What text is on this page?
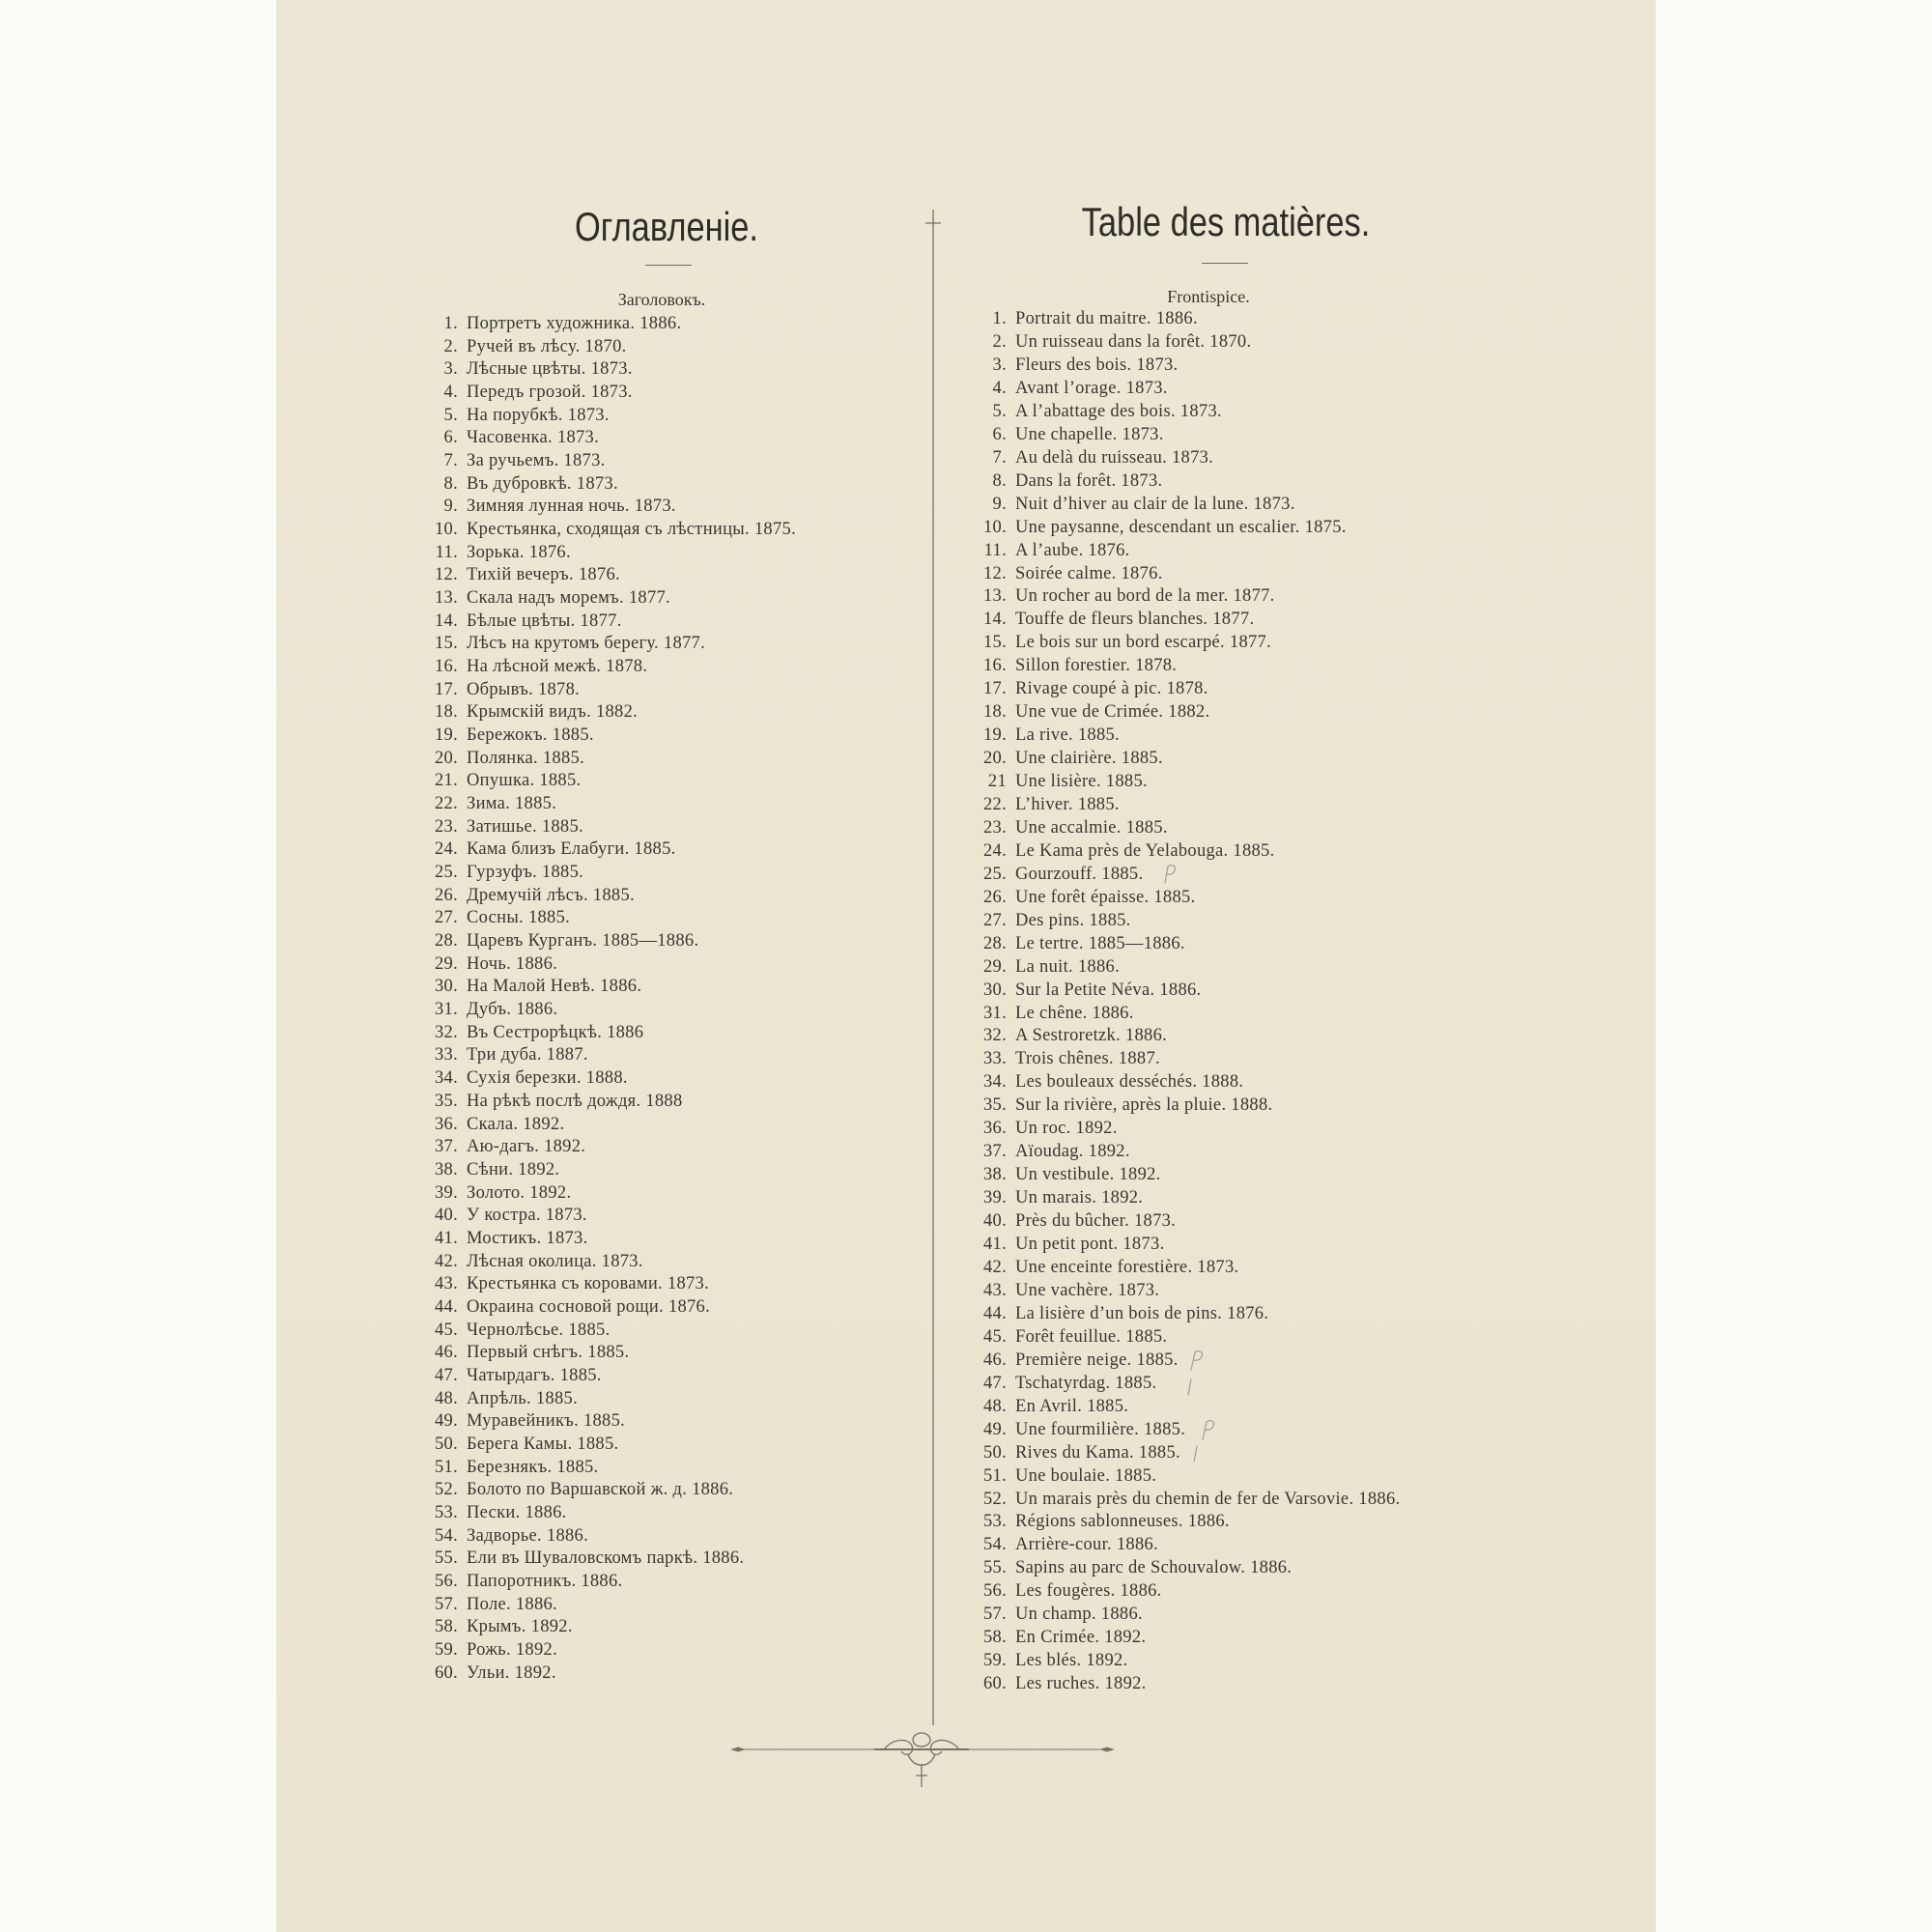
Оглавленіе.	Table des matières.
Заголовокъ.	Frontispice.
1. Портретъ художника. 1886.
2. Ручей въ лѣсу. 1870.
3. Лѣсные цвѣты. 1873.
4. Передъ грозой. 1873.
5. На порубкѣ. 1873.
6. Часовенка. 1873.
7. За ручьемъ. 1873.
8. Въ дубровкѣ. 1873.
9. Зимняя лунная ночь. 1873.
10. Крестьянка, сходящая съ лѣстницы. 1875.
11. Зорька. 1876.
12. Тихій вечеръ. 1876.
13. Скала надъ моремъ. 1877.
14. Бѣлые цвѣты. 1877.
15. Лѣсъ на крутомъ берегу. 1877.
16. На лѣсной межѣ. 1878.
17. Обрывъ. 1878.
18. Крымскій видъ. 1882.
19. Бережокъ. 1885.
20. Полянка. 1885.
21. Опушка. 1885.
22. Зима. 1885.
23. Затишье. 1885.
24. Кама близъ Елабуги. 1885.
25. Гурзуфъ. 1885.
26. Дремучій лѣсъ. 1885.
27. Сосны. 1885.
28. Царевъ Курганъ. 1885—1886.
29. Ночь. 1886.
30. На Малой Невѣ. 1886.
31. Дубъ. 1886.
32. Въ Сестрорѣцкѣ. 1886
33. Три дуба. 1887.
34. Сухія березки. 1888.
35. На рѣкѣ послѣ дождя. 1888
36. Скала. 1892.
37. Аю-дагъ. 1892.
38. Сѣни. 1892.
39. Золото. 1892.
40. У костра. 1873.
41. Мостикъ. 1873.
42. Лѣсная околица. 1873.
43. Крестьянка съ коровами. 1873.
44. Окраина сосновой рощи. 1876.
45. Чернолѣсье. 1885.
46. Первый снѣгъ. 1885.
47. Чатырдагъ. 1885.
48. Апрѣль. 1885.
49. Муравейникъ. 1885.
50. Берега Камы. 1885.
51. Березнякъ. 1885.
52. Болото по Варшавской ж. д. 1886.
53. Пески. 1886.
54. Задворье. 1886.
55. Ели въ Шуваловскомъ паркѣ. 1886.
56. Папоротникъ. 1886.
57. Поле. 1886.
58. Крымъ. 1892.
59. Рожь. 1892.
60. Ульи. 1892.
1. Portrait du maitre. 1886.
2. Un ruisseau dans la forêt. 1870.
3. Fleurs des bois. 1873.
4. Avant l’orage. 1873.
5. A l’abattage des bois. 1873.
6. Une chapelle. 1873.
7. Au delà du ruisseau. 1873.
8. Dans la forêt. 1873.
9. Nuit d’hiver au clair de la lune. 1873.
10. Une paysanne, descendant un escalier. 1875.
11. A l’aube. 1876.
12. Soirée calme. 1876.
13. Un rocher au bord de la mer. 1877.
14. Touffe de fleurs blanches. 1877.
15. Le bois sur un bord escarpé. 1877.
16. Sillon forestier. 1878.
17. Rivage coupé à pic. 1878.
18. Une vue de Crimée. 1882.
19. La rive. 1885.
20. Une clairière. 1885.
21 Une lisière. 1885.
22. L’hiver. 1885.
23. Une accalmie. 1885.
24. Le Kama près de Yelabouga. 1885.
25. Gourzouff. 1885.
26. Une forêt épaisse. 1885.
27. Des pins. 1885.
28. Le tertre. 1885—1886.
29. La nuit. 1886.
30. Sur la Petite Néva. 1886.
31. Le chêne. 1886.
32. A Sestroretzk. 1886.
33. Trois chênes. 1887.
34. Les bouleaux desséchés. 1888.
35. Sur la rivière, après la pluie. 1888.
36. Un roc. 1892.
37. Aïoudag. 1892.
38. Un vestibule. 1892.
39. Un marais. 1892.
40. Près du bûcher. 1873.
41. Un petit pont. 1873.
42. Une enceinte forestière. 1873.
43. Une vachère. 1873.
44. La lisière d’un bois de pins. 1876.
45. Forêt feuillue. 1885.
46. Première neige. 1885.
47. Tschatyrdag. 1885.
48. En Avril. 1885.
49. Une fourmilière. 1885.
50. Rives du Kama. 1885.
51. Une boulaie. 1885.
52. Un marais près du chemin de fer de Varsovie. 1886.
53. Régions sablonneuses. 1886.
54. Arrière-cour. 1886.
55. Sapins au parc de Schouvalow. 1886.
56. Les fougères. 1886.
57. Un champ. 1886.
58. En Crimée. 1892.
59. Les blés. 1892.
60. Les ruches. 1892.
